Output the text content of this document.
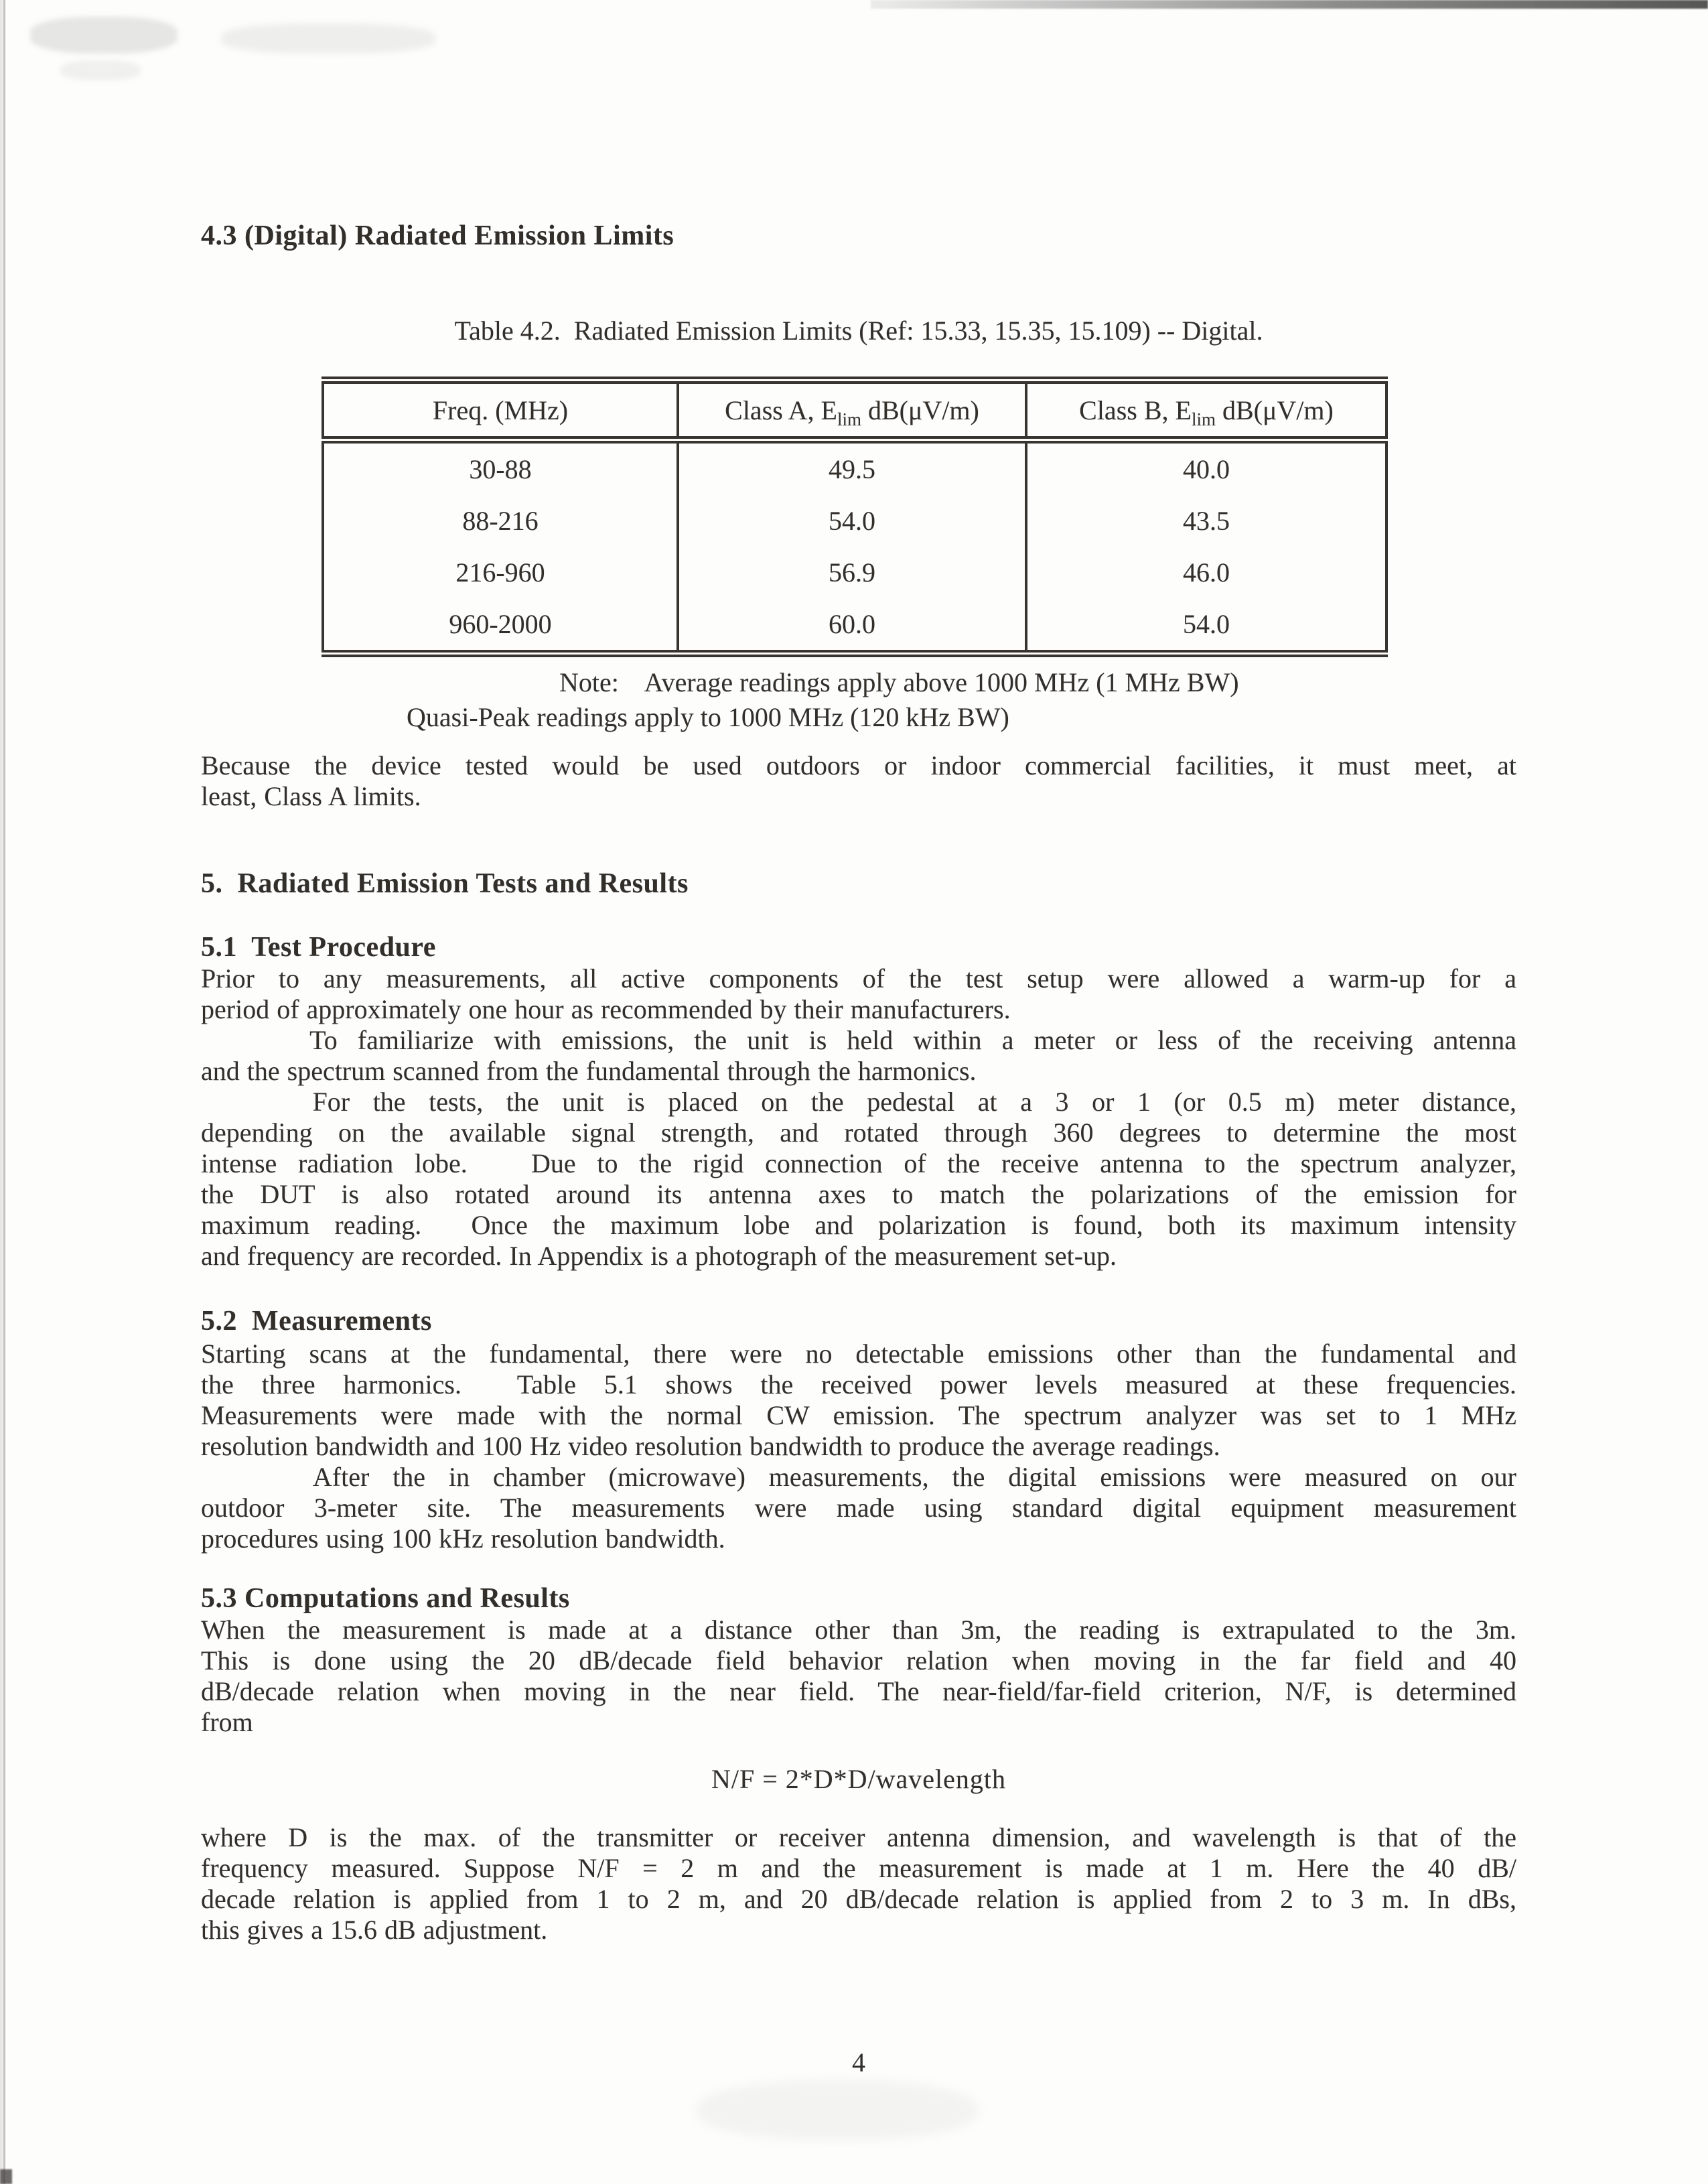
4.3 (Digital) Radiated Emission Limits
Table 4.2.  Radiated Emission Limits (Ref: 15.33, 15.35, 15.109) -- Digital.
Freq. (MHz)	Class A, $E_{lim}$ dB(μV/m)	Class B, $E_{lim}$ dB(μV/m)
30-88	49.5	40.0
88-216	54.0	43.5
216-960	56.9	46.0
960-2000	60.0	54.0
Note:    Average readings apply above 1000 MHz (1 MHz BW)
Quasi-Peak readings apply to 1000 MHz (120 kHz BW)
Because the device tested would be used outdoors or indoor commercial facilities, it must meet, at
least, Class A limits.
5.  Radiated Emission Tests and Results
5.1  Test Procedure
Prior to any measurements, all active components of the test setup were allowed a warm-up for a
period of approximately one hour as recommended by their manufacturers.
	To familiarize with emissions, the unit is held within a meter or less of the receiving antenna
and the spectrum scanned from the fundamental through the harmonics.
	For the tests, the unit is placed on the pedestal at a 3 or 1 (or 0.5 m) meter distance,
depending on the available signal strength, and rotated through 360 degrees to determine the most
intense radiation lobe.   Due to the rigid connection of the receive antenna to the spectrum analyzer,
the DUT is also rotated around its antenna axes to match the polarizations of the emission for
maximum reading.  Once the maximum lobe and polarization is found, both its maximum intensity
and frequency are recorded. In Appendix is a photograph of the measurement set-up.
5.2  Measurements
Starting scans at the fundamental, there were no detectable emissions other than the fundamental and
the three harmonics.  Table 5.1 shows the received power levels measured at these frequencies.
Measurements were made with the normal CW emission. The spectrum analyzer was set to 1 MHz
resolution bandwidth and 100 Hz video resolution bandwidth to produce the average readings.
	After the in chamber (microwave) measurements, the digital emissions were measured on our
outdoor 3-meter site. The measurements were made using standard digital equipment measurement
procedures using 100 kHz resolution bandwidth.
5.3 Computations and Results
When the measurement is made at a distance other than 3m, the reading is extrapulated to the 3m.
This is done using the 20 dB/decade field behavior relation when moving in the far field and 40
dB/decade relation when moving in the near field. The near-field/far-field criterion, N/F, is determined
from
N/F = 2*D*D/wavelength
where D is the max. of the transmitter or receiver antenna dimension, and wavelength is that of the
frequency measured. Suppose N/F = 2 m and the measurement is made at 1 m. Here the 40 dB/
decade relation is applied from 1 to 2 m, and 20 dB/decade relation is applied from 2 to 3 m. In dBs,
this gives a 15.6 dB adjustment.
4
